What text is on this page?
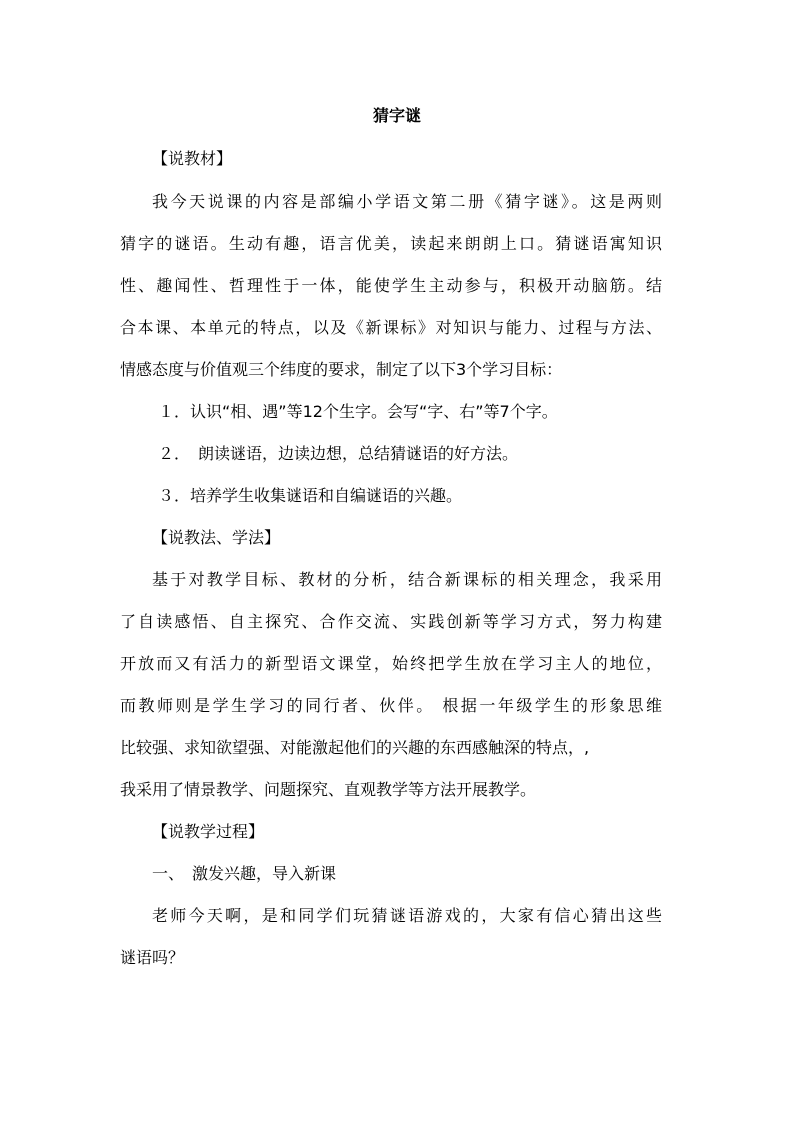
猜字谜
【说教材】
我今天说课的内容是部编小学语文第二册《猜字谜》。这是两则
猜字的谜语。生动有趣，语言优美，读起来朗朗上口。猜谜语寓知识
性、趣闻性、哲理性于一体，能使学生主动参与，积极开动脑筋。结
合本课、本单元的特点，以及《新课标》对知识与能力、过程与方法、
情感态度与价值观三个纬度的要求，制定了以下3个学习目标：
１．认识“相、遇”等12个生字。会写“字、右”等7个字。
２．　朗读谜语，边读边想，总结猜谜语的好方法。
３．培养学生收集谜语和自编谜语的兴趣。
【说教法、学法】
基于对教学目标、教材的分析，结合新课标的相关理念，我采用
了自读感悟、自主探究、合作交流、实践创新等学习方式，努力构建
开放而又有活力的新型语文课堂，始终把学生放在学习主人的地位，
而教师则是学生学习的同行者、伙伴。 根据一年级学生的形象思维
比较强、求知欲望强、对能激起他们的兴趣的东西感触深的特点，,
我采用了情景教学、问题探究、直观教学等方法开展教学。
【说教学过程】
一、　激发兴趣，导入新课
老师今天啊，是和同学们玩猜谜语游戏的，大家有信心猜出这些
谜语吗？
